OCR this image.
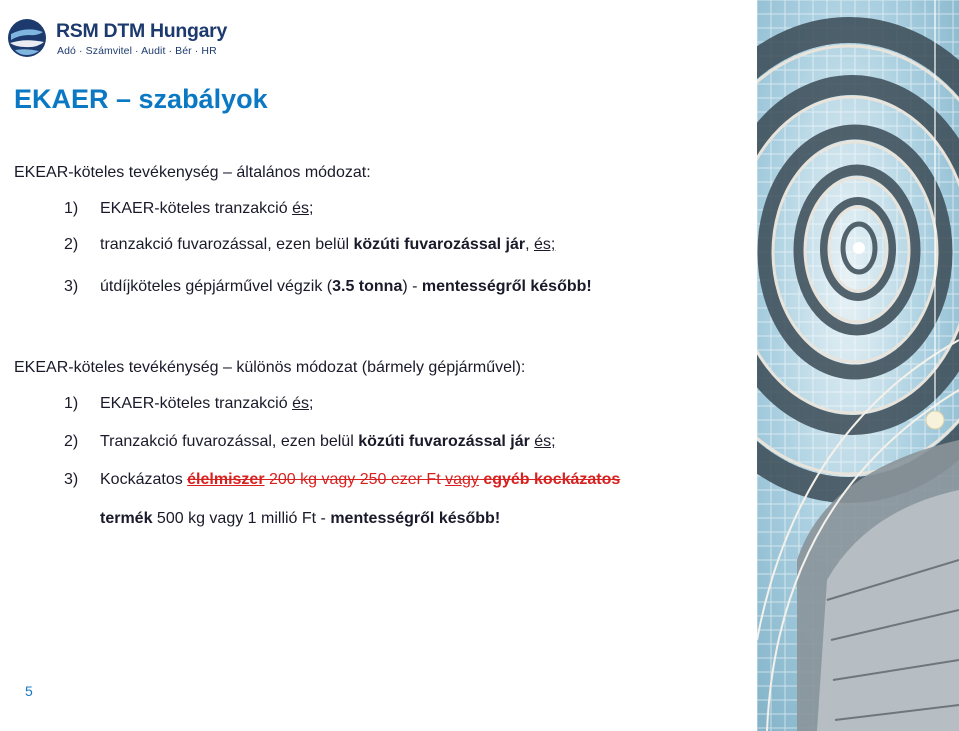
RSM DTM Hungary
Adó · Számvitel · Audit · Bér · HR
EKAER – szabályok
EKEAR-köteles tevékenység – általános módozat:
1) EKAER-köteles tranzakció és;
2) tranzakció fuvarozással, ezen belül közúti fuvarozással jár, és;
3) útdíjköteles gépjárművel végzik (3.5 tonna) - mentességről később!
EKEAR-köteles tevékénység – különös módozat (bármely gépjárművel):
1) EKAER-köteles tranzakció és;
2) Tranzakció fuvarozással, ezen belül közúti fuvarozással jár és;
3) Kockázatos élelmiszer 200 kg vagy 250 ezer Ft vagy egyéb kockázatos
termék 500 kg vagy 1 millió Ft - mentességről később!
5
